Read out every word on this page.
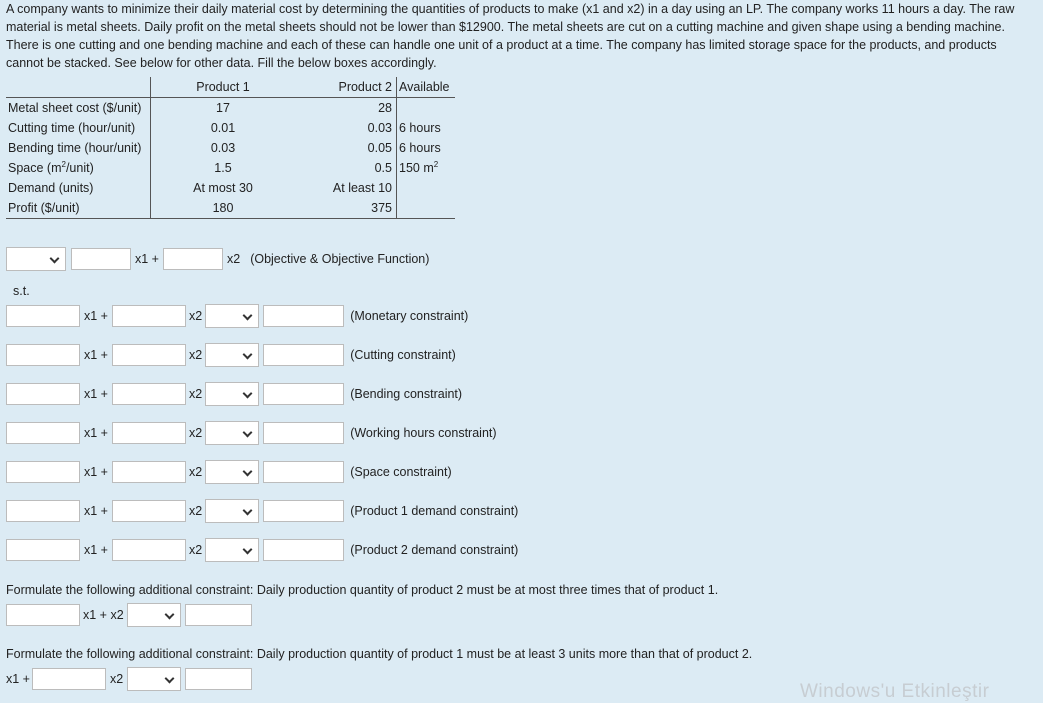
A company wants to minimize their daily material cost by determining the quantities of products to make (x1 and x2) in a day using an LP. The company works 11 hours a day. The raw material is metal sheets. Daily profit on the metal sheets should not be lower than $12900. The metal sheets are cut on a cutting machine and given shape using a bending machine. There is one cutting and one bending machine and each of these can handle one unit of a product at a time. The company has limited storage space for the products, and products cannot be stacked. See below for other data. Fill the below boxes accordingly.
	Product 1	Product 2	Available
Metal sheet cost ($/unit)	17	28	
Cutting time (hour/unit)	0.01	0.03	6 hours
Bending time (hour/unit)	0.03	0.05	6 hours
Space $(m^2/unit)$	1.5	0.5	150 $m^2$
Demand (units)	At most 30	At least 10	
Profit ($/unit)	180	375	
x1 +	x2 (Objective & Objective Function)
s.t.
x1 +	x2	(Monetary constraint)
x1 +	x2	(Cutting constraint)
x1 +	x2	(Bending constraint)
x1 +	x2	(Working hours constraint)
x1 +	x2	(Space constraint)
x1 +	x2	(Product 1 demand constraint)
x1 +	x2	(Product 2 demand constraint)
Formulate the following additional constraint: Daily production quantity of product 2 must be at most three times that of product 1.
x1 + x2
Formulate the following additional constraint: Daily production quantity of product 1 must be at least 3 units more than that of product 2.
x1 +	x2
Windows'u Etkinleştir
